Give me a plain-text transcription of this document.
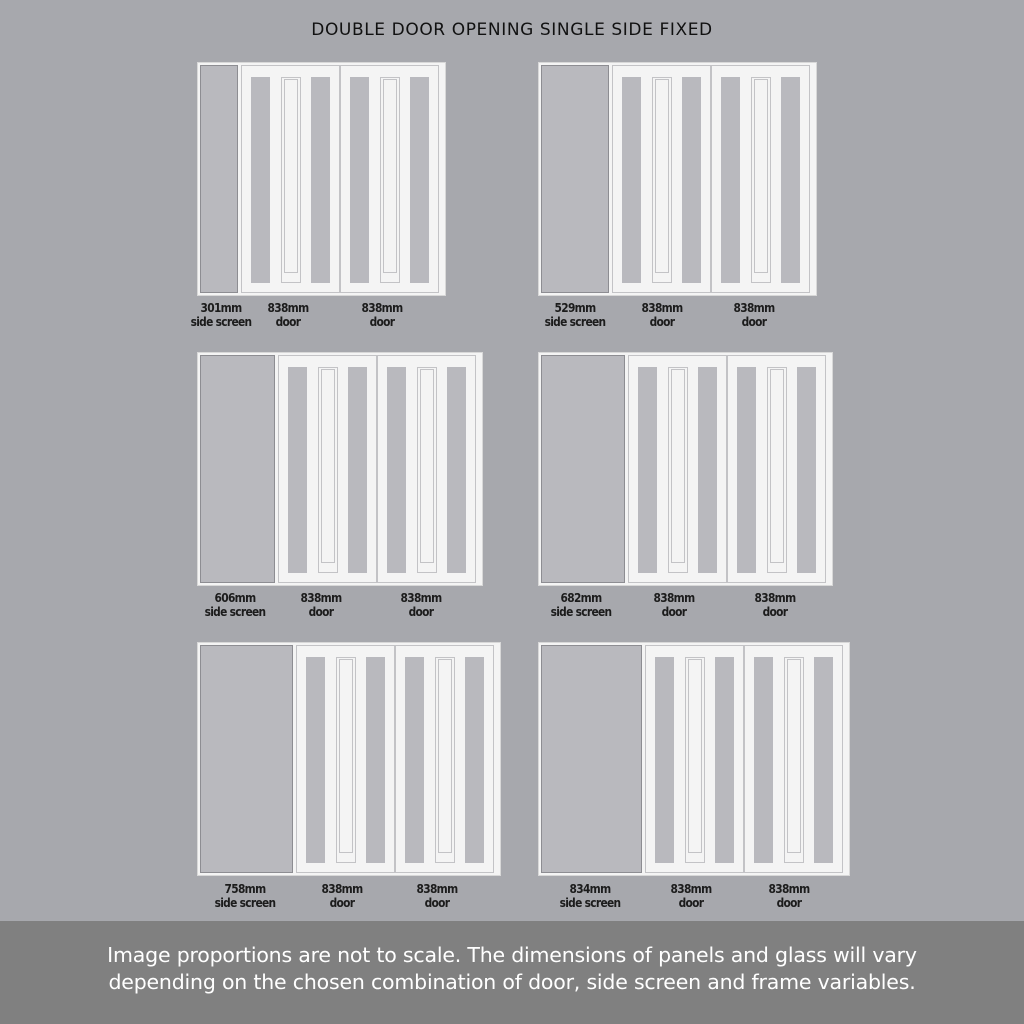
DOUBLE DOOR OPENING SINGLE SIDE FIXED
301mm
side screen
838mm
door
838mm
door
529mm
side screen
838mm
door
838mm
door
606mm
side screen
838mm
door
838mm
door
682mm
side screen
838mm
door
838mm
door
758mm
side screen
838mm
door
838mm
door
834mm
side screen
838mm
door
838mm
door
Image proportions are not to scale. The dimensions of panels and glass will vary
depending on the chosen combination of door, side screen and frame variables.
